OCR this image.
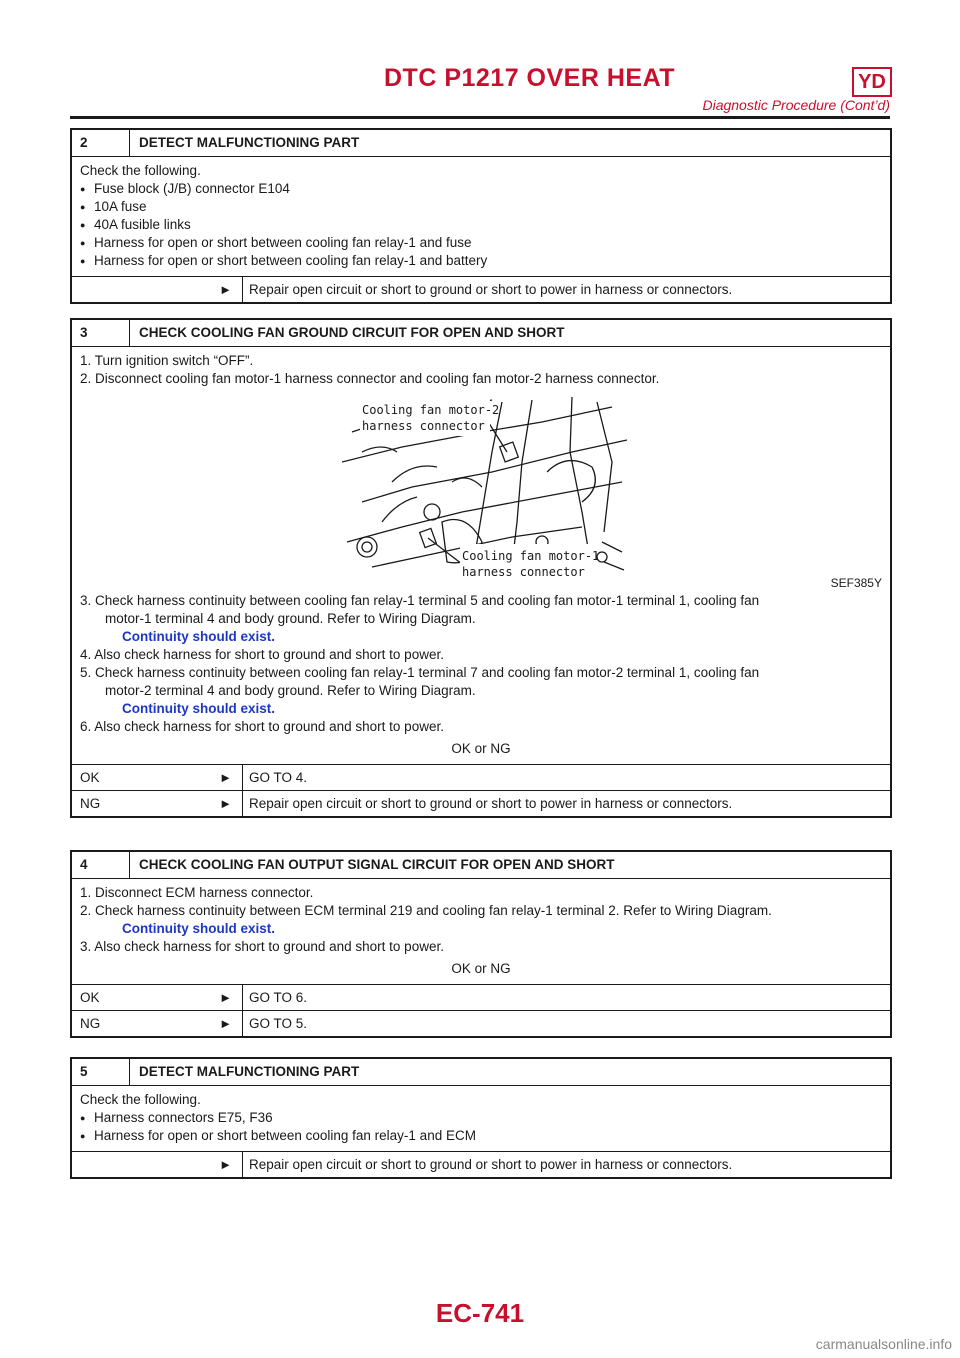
DTC P1217 OVER HEAT	YD
Diagnostic Procedure (Cont’d)
2	DETECT MALFUNCTIONING PART
Check the following.
● Fuse block (J/B) connector E104
● 10A fuse
● 40A fusible links
● Harness for open or short between cooling fan relay-1 and fuse
● Harness for open or short between cooling fan relay-1 and battery
►	Repair open circuit or short to ground or short to power in harness or connectors.
3	CHECK COOLING FAN GROUND CIRCUIT FOR OPEN AND SHORT
1. Turn ignition switch “OFF”.
2. Disconnect cooling fan motor-1 harness connector and cooling fan motor-2 harness connector.
Cooling fan motor-2
harness connector
Cooling fan motor-1
harness connector
SEF385Y
3. Check harness continuity between cooling fan relay-1 terminal 5 and cooling fan motor-1 terminal 1, cooling fan
motor-1 terminal 4 and body ground. Refer to Wiring Diagram.
Continuity should exist.
4. Also check harness for short to ground and short to power.
5. Check harness continuity between cooling fan relay-1 terminal 7 and cooling fan motor-2 terminal 1, cooling fan
motor-2 terminal 4 and body ground. Refer to Wiring Diagram.
Continuity should exist.
6. Also check harness for short to ground and short to power.
OK or NG
OK	►	GO TO 4.
NG	►	Repair open circuit or short to ground or short to power in harness or connectors.
4	CHECK COOLING FAN OUTPUT SIGNAL CIRCUIT FOR OPEN AND SHORT
1. Disconnect ECM harness connector.
2. Check harness continuity between ECM terminal 219 and cooling fan relay-1 terminal 2. Refer to Wiring Diagram.
Continuity should exist.
3. Also check harness for short to ground and short to power.
OK or NG
OK	►	GO TO 6.
NG	►	GO TO 5.
5	DETECT MALFUNCTIONING PART
Check the following.
● Harness connectors E75, F36
● Harness for open or short between cooling fan relay-1 and ECM
►	Repair open circuit or short to ground or short to power in harness or connectors.
EC-741
carmanualsonline.info
